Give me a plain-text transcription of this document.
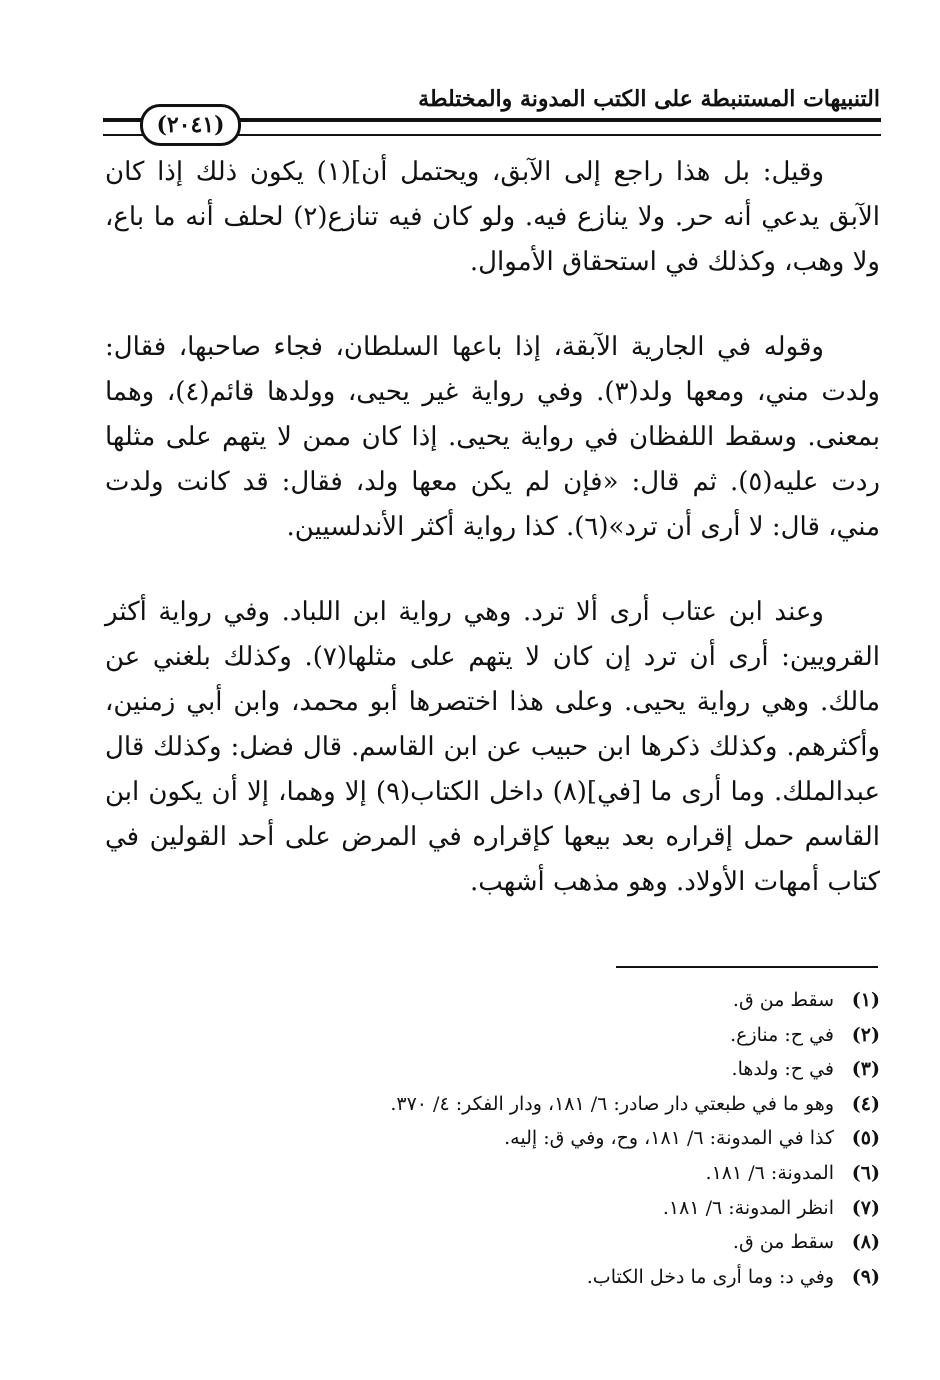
التنبيهات المستنبطة على الكتب المدونة والمختلطة
(٢٠٤١)

وقيل: بل هذا راجع إلى الآبق، ويحتمل أن](١) يكون ذلك إذا كان الآبق يدعي أنه حر. ولا ينازع فيه. ولو كان فيه تنازع(٢) لحلف أنه ما باع، ولا وهب، وكذلك في استحقاق الأموال.

وقوله في الجارية الآبقة، إذا باعها السلطان، فجاء صاحبها، فقال: ولدت مني، ومعها ولد(٣). وفي رواية غير يحيى، وولدها قائم(٤)، وهما بمعنى. وسقط اللفظان في رواية يحيى. إذا كان ممن لا يتهم على مثلها ردت عليه(٥). ثم قال: «فإن لم يكن معها ولد، فقال: قد كانت ولدت مني، قال: لا أرى أن ترد»(٦). كذا رواية أكثر الأندلسيين.

وعند ابن عتاب أرى ألا ترد. وهي رواية ابن اللباد. وفي رواية أكثر القرويين: أرى أن ترد إن كان لا يتهم على مثلها(٧). وكذلك بلغني عن مالك. وهي رواية يحيى. وعلى هذا اختصرها أبو محمد، وابن أبي زمنين، وأكثرهم. وكذلك ذكرها ابن حبيب عن ابن القاسم. قال فضل: وكذلك قال عبدالملك. وما أرى ما [في](٨) داخل الكتاب(٩) إلا وهما، إلا أن يكون ابن القاسم حمل إقراره بعد بيعها كإقراره في المرض على أحد القولين في كتاب أمهات الأولاد. وهو مذهب أشهب.

(١)
سقط من ق.
(٢)
في ح: منازع.
(٣)
في ح: ولدها.
(٤)
وهو ما في طبعتي دار صادر: ٦/ ١٨١، ودار الفكر: ٤/ ٣٧٠.
(٥)
كذا في المدونة: ٦/ ١٨١، وح، وفي ق: إليه.
(٦)
المدونة: ٦/ ١٨١.
(٧)
انظر المدونة: ٦/ ١٨١.
(٨)
سقط من ق.
(٩)
وفي د: وما أرى ما دخل الكتاب.
